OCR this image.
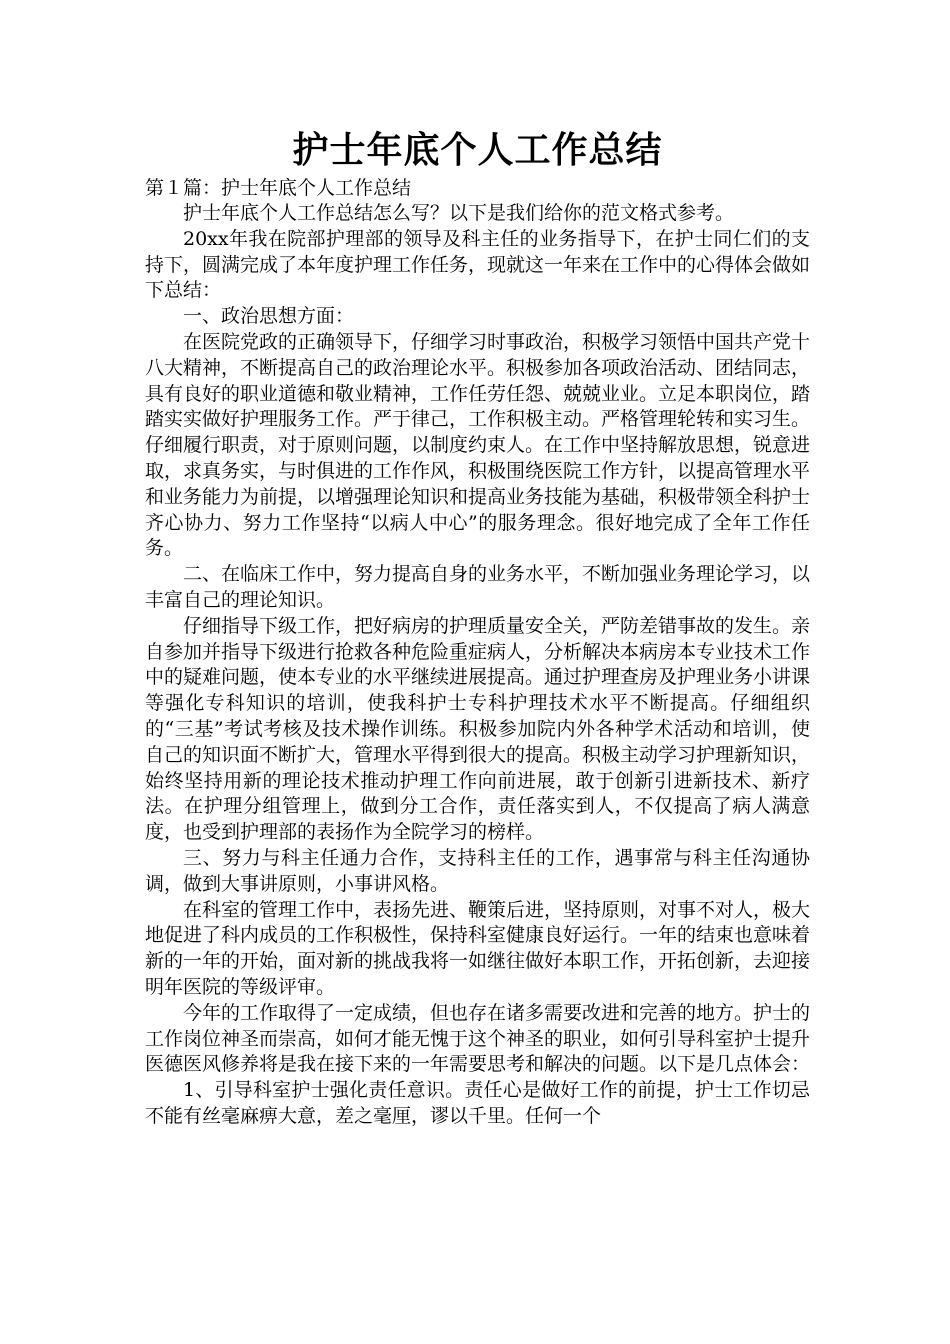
护士年底个人工作总结

第１篇：护士年底个人工作总结

护士年底个人工作总结怎么写？以下是我们给你的范文格式参考。

20xx年我在院部护理部的领导及科主任的业务指导下，在护士同仁们的支持下，圆满完成了本年度护理工作任务，现就这一年来在工作中的心得体会做如下总结：

一、政治思想方面：

在医院党政的正确领导下，仔细学习时事政治，积极学习领悟中国共产党十八大精神，不断提高自己的政治理论水平。积极参加各项政治活动、团结同志，具有良好的职业道德和敬业精神，工作任劳任怨、兢兢业业。立足本职岗位，踏踏实实做好护理服务工作。严于律己，工作积极主动。严格管理轮转和实习生。仔细履行职责，对于原则问题，以制度约束人。在工作中坚持解放思想，锐意进取，求真务实，与时俱进的工作作风，积极围绕医院工作方针，以提高管理水平和业务能力为前提，以增强理论知识和提高业务技能为基础，积极带领全科护士齐心协力、努力工作坚持“以病人中心”的服务理念。很好地完成了全年工作任务。

二、在临床工作中，努力提高自身的业务水平，不断加强业务理论学习，以丰富自己的理论知识。

仔细指导下级工作，把好病房的护理质量安全关，严防差错事故的发生。亲自参加并指导下级进行抢救各种危险重症病人，分析解决本病房本专业技术工作中的疑难问题，使本专业的水平继续进展提高。通过护理查房及护理业务小讲课等强化专科知识的培训，使我科护士专科护理技术水平不断提高。仔细组织的“三基”考试考核及技术操作训练。积极参加院内外各种学术活动和培训，使自己的知识面不断扩大，管理水平得到很大的提高。积极主动学习护理新知识，始终坚持用新的理论技术推动护理工作向前进展，敢于创新引进新技术、新疗法。在护理分组管理上，做到分工合作，责任落实到人，不仅提高了病人满意度，也受到护理部的表扬作为全院学习的榜样。

三、努力与科主任通力合作，支持科主任的工作，遇事常与科主任沟通协调，做到大事讲原则，小事讲风格。

在科室的管理工作中，表扬先进、鞭策后进，坚持原则，对事不对人，极大地促进了科内成员的工作积极性，保持科室健康良好运行。一年的结束也意味着新的一年的开始，面对新的挑战我将一如继往做好本职工作，开拓创新，去迎接明年医院的等级评审。

今年的工作取得了一定成绩，但也存在诸多需要改进和完善的地方。护士的工作岗位神圣而崇高，如何才能无愧于这个神圣的职业，如何引导科室护士提升医德医风修养将是我在接下来的一年需要思考和解决的问题。以下是几点体会：

1、引导科室护士强化责任意识。责任心是做好工作的前提，护士工作切忌不能有丝毫麻痹大意，差之毫厘，谬以千里。任何一个
